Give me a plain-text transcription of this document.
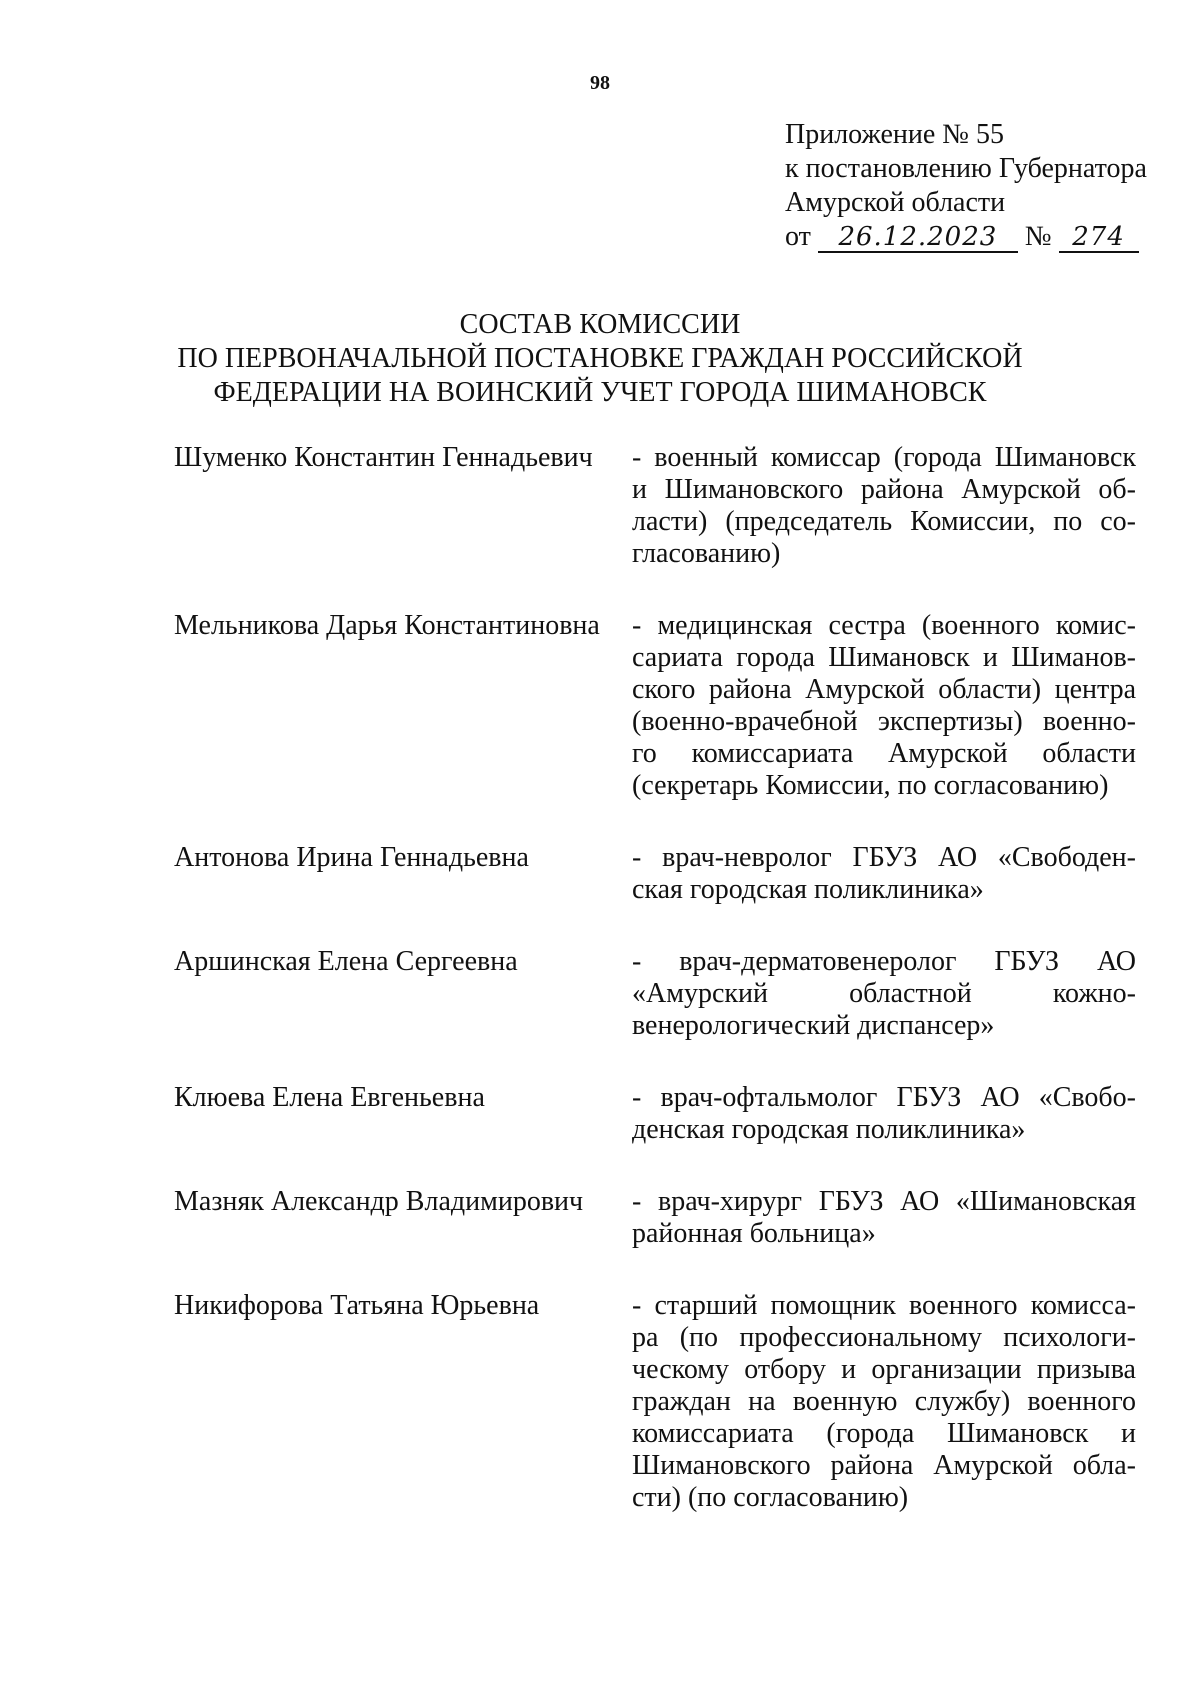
98
Приложение № 55
к постановлению Губернатора
Амурской области
от 26.12.2023 № 274
СОСТАВ КОМИССИИ
ПО ПЕРВОНАЧАЛЬНОЙ ПОСТАНОВКЕ ГРАЖДАН РОССИЙСКОЙ
ФЕДЕРАЦИИ НА ВОИНСКИЙ УЧЕТ ГОРОДА ШИМАНОВСК
Шуменко Константин Геннадьевич	- военный комиссар (города Шимановск
и Шимановского района Амурской об-
ласти) (председатель Комиссии, по со-
гласованию)
Мельникова Дарья Константиновна	- медицинская сестра (военного комис-
сариата города Шимановск и Шиманов-
ского района Амурской области) центра
(военно-врачебной экспертизы) военно-
го комиссариата Амурской области
(секретарь Комиссии, по согласованию)
Антонова Ирина Геннадьевна	- врач-невролог ГБУЗ АО «Свободен-
ская городская поликлиника»
Аршинская Елена Сергеевна	- врач-дерматовенеролог ГБУЗ АО
«Амурский областной кожно-
венерологический диспансер»
Клюева Елена Евгеньевна	- врач-офтальмолог ГБУЗ АО «Свобо-
денская городская поликлиника»
Мазняк Александр Владимирович	- врач-хирург ГБУЗ АО «Шимановская
районная больница»
Никифорова Татьяна Юрьевна	- старший помощник военного комисса-
ра (по профессиональному психологи-
ческому отбору и организации призыва
граждан на военную службу) военного
комиссариата (города Шимановск и
Шимановского района Амурской обла-
сти) (по согласованию)
